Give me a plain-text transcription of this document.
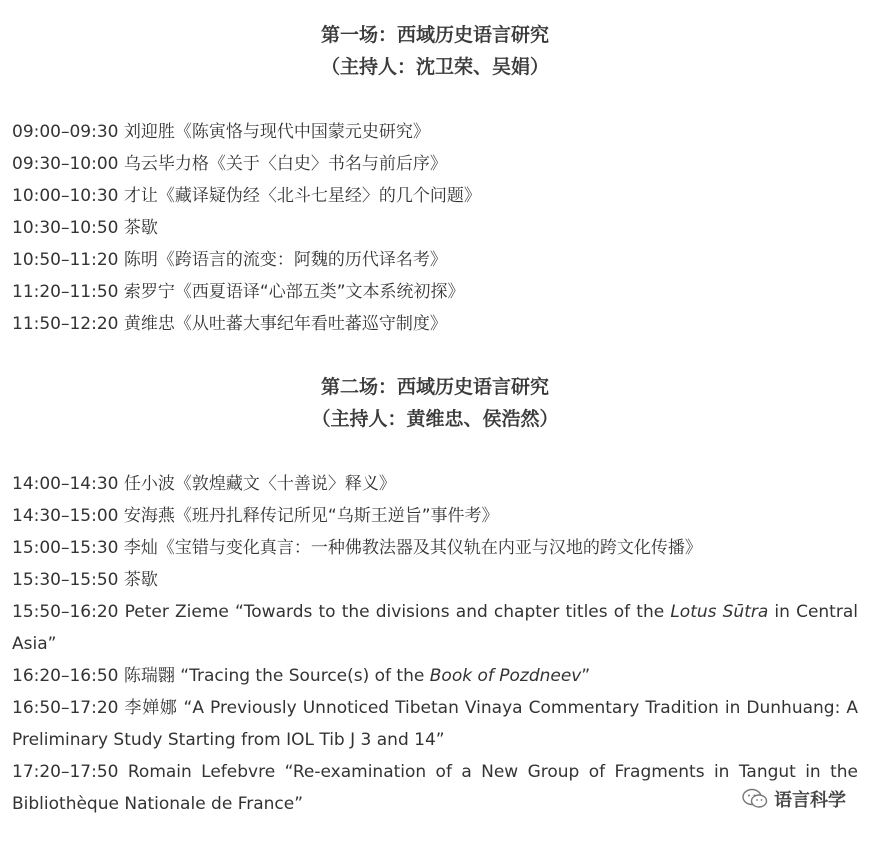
第一场：西域历史语言研究
（主持人：沈卫荣、吴娟）
09:00–09:30 刘迎胜《陈寅恪与现代中国蒙元史研究》
09:30–10:00 乌云毕力格《关于〈白史〉书名与前后序》
10:00–10:30 才让《藏译疑伪经〈北斗七星经〉的几个问题》
10:30–10:50 茶歇
10:50–11:20 陈明《跨语言的流变：阿魏的历代译名考》
11:20–11:50 索罗宁《西夏语译“心部五类”文本系统初探》
11:50–12:20 黄维忠《从吐蕃大事纪年看吐蕃巡守制度》
第二场：西域历史语言研究
（主持人：黄维忠、侯浩然）
14:00–14:30 任小波《敦煌藏文〈十善说〉释义》
14:30–15:00 安海燕《班丹扎释传记所见“乌斯王逆旨”事件考》
15:00–15:30 李灿《宝错与变化真言：一种佛教法器及其仪轨在内亚与汉地的跨文化传播》
15:30–15:50 茶歇
15:50–16:20 Peter Zieme “Towards to the divisions and chapter titles of the Lotus Sūtra in Central Asia”
16:20–16:50 陈瑞翾 “Tracing the Source(s) of the Book of Pozdneev”
16:50–17:20 李婵娜 “A Previously Unnoticed Tibetan Vinaya Commentary Tradition in Dunhuang: A Preliminary Study Starting from IOL Tib J 3 and 14”
17:20–17:50 Romain Lefebvre “Re-examination of a New Group of Fragments in Tangut in the Bibliothèque Nationale de France”	语言科学
